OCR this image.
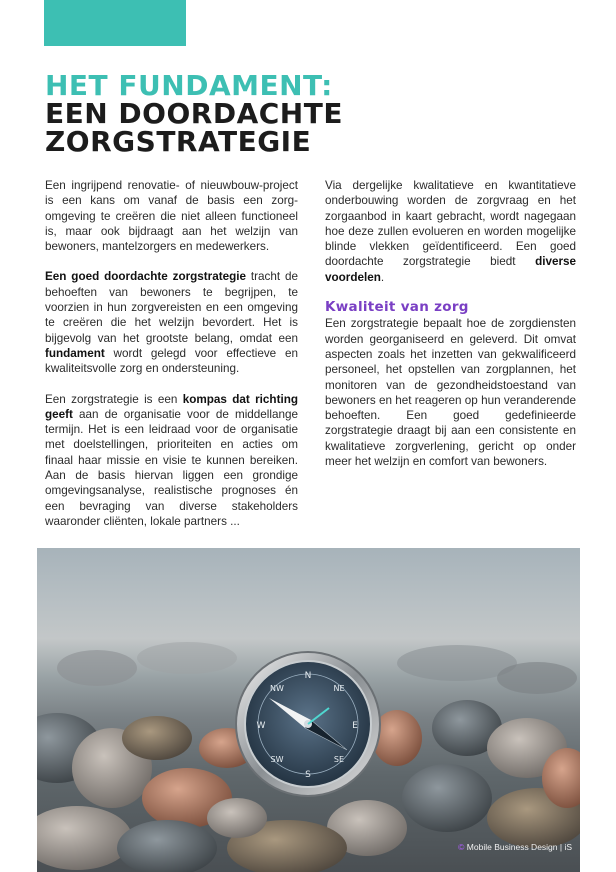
HET FUNDAMENT:
EEN DOORDACHTE
ZORGSTRATEGIE

Een ingrijpend renovatie- of nieuwbouw-project is een kans om vanaf de basis een zorg-omgeving te creëren die niet alleen functioneel is, maar ook bijdraagt aan het welzijn van bewoners, mantelzorgers en medewerkers.

Een goed doordachte zorgstrategie tracht de behoeften van bewoners te begrijpen, te voorzien in hun zorgvereisten en een omgeving te creëren die het welzijn bevordert. Het is bijgevolg van het grootste belang, omdat een fundament wordt gelegd voor effectieve en kwaliteitsvolle zorg en ondersteuning.

Een zorgstrategie is een kompas dat richting geeft aan de organisatie voor de middellange termijn. Het is een leidraad voor de organisatie met doelstellingen, prioriteiten en acties om finaal haar missie en visie te kunnen bereiken. Aan de basis hiervan liggen een grondige omgevingsanalyse, realistische prognoses én een bevraging van diverse stakeholders waaronder cliënten, lokale partners ...

Via dergelijke kwalitatieve en kwantitatieve onderbouwing worden de zorgvraag en het zorgaanbod in kaart gebracht, wordt nagegaan hoe deze zullen evolueren en worden mogelijke blinde vlekken geïdentificeerd. Een goed doordachte zorgstrategie biedt diverse voordelen.

Kwaliteit van zorg

Een zorgstrategie bepaalt hoe de zorgdiensten worden georganiseerd en geleverd. Dit omvat aspecten zoals het inzetten van gekwalificeerd personeel, het opstellen van zorgplannen, het monitoren van de gezondheidstoestand van bewoners en het reageren op hun veranderende behoeften. Een goed gedefinieerde zorgstrategie draagt bij aan een consistente en kwalitatieve zorgverlening, gericht op onder meer het welzijn en comfort van bewoners.

N
NE
E
SE
S
SW
W
NW
© Mobile Business Design | iS
